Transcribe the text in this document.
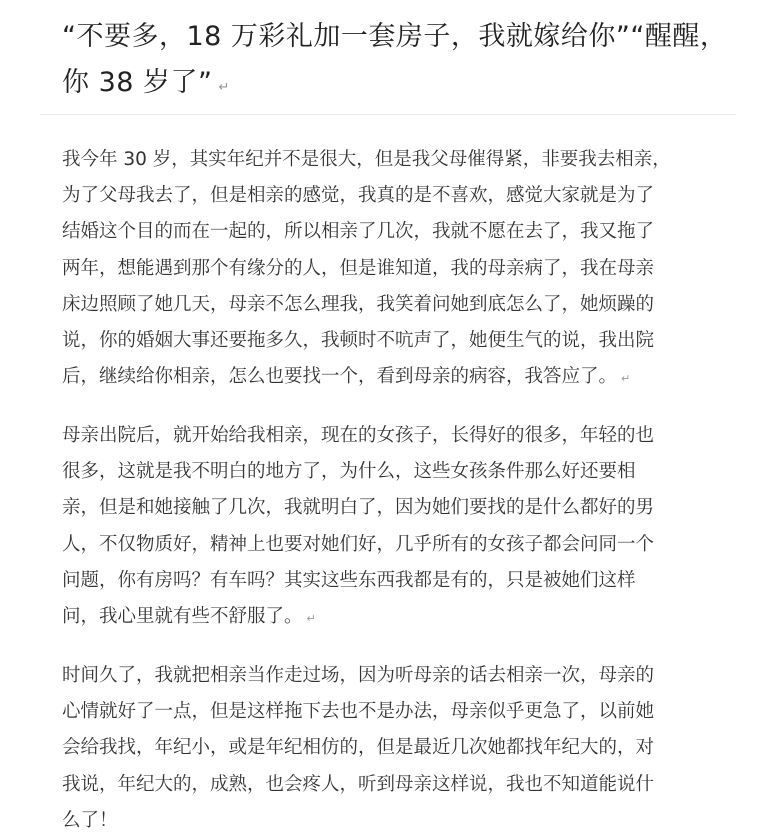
“不要多，18 万彩礼加一套房子，我就嫁给你”“醒醒，
你 38 岁了” ↵
我今年 30 岁，其实年纪并不是很大，但是我父母催得紧，非要我去相亲，
为了父母我去了，但是相亲的感觉，我真的是不喜欢，感觉大家就是为了
结婚这个目的而在一起的，所以相亲了几次，我就不愿在去了，我又拖了
两年，想能遇到那个有缘分的人，但是谁知道，我的母亲病了，我在母亲
床边照顾了她几天，母亲不怎么理我，我笑着问她到底怎么了，她烦躁的
说，你的婚姻大事还要拖多久，我顿时不吭声了，她便生气的说，我出院
后，继续给你相亲，怎么也要找一个，看到母亲的病容，我答应了。 ↵
母亲出院后，就开始给我相亲，现在的女孩子，长得好的很多，年轻的也
很多，这就是我不明白的地方了，为什么，这些女孩条件那么好还要相
亲，但是和她接触了几次，我就明白了，因为她们要找的是什么都好的男
人，不仅物质好，精神上也要对她们好，几乎所有的女孩子都会问同一个
问题，你有房吗？有车吗？其实这些东西我都是有的，只是被她们这样
问，我心里就有些不舒服了。 ↵
时间久了，我就把相亲当作走过场，因为听母亲的话去相亲一次，母亲的
心情就好了一点，但是这样拖下去也不是办法，母亲似乎更急了，以前她
会给我找，年纪小，或是年纪相仿的，但是最近几次她都找年纪大的，对
我说，年纪大的，成熟，也会疼人，听到母亲这样说，我也不知道能说什
么了！
